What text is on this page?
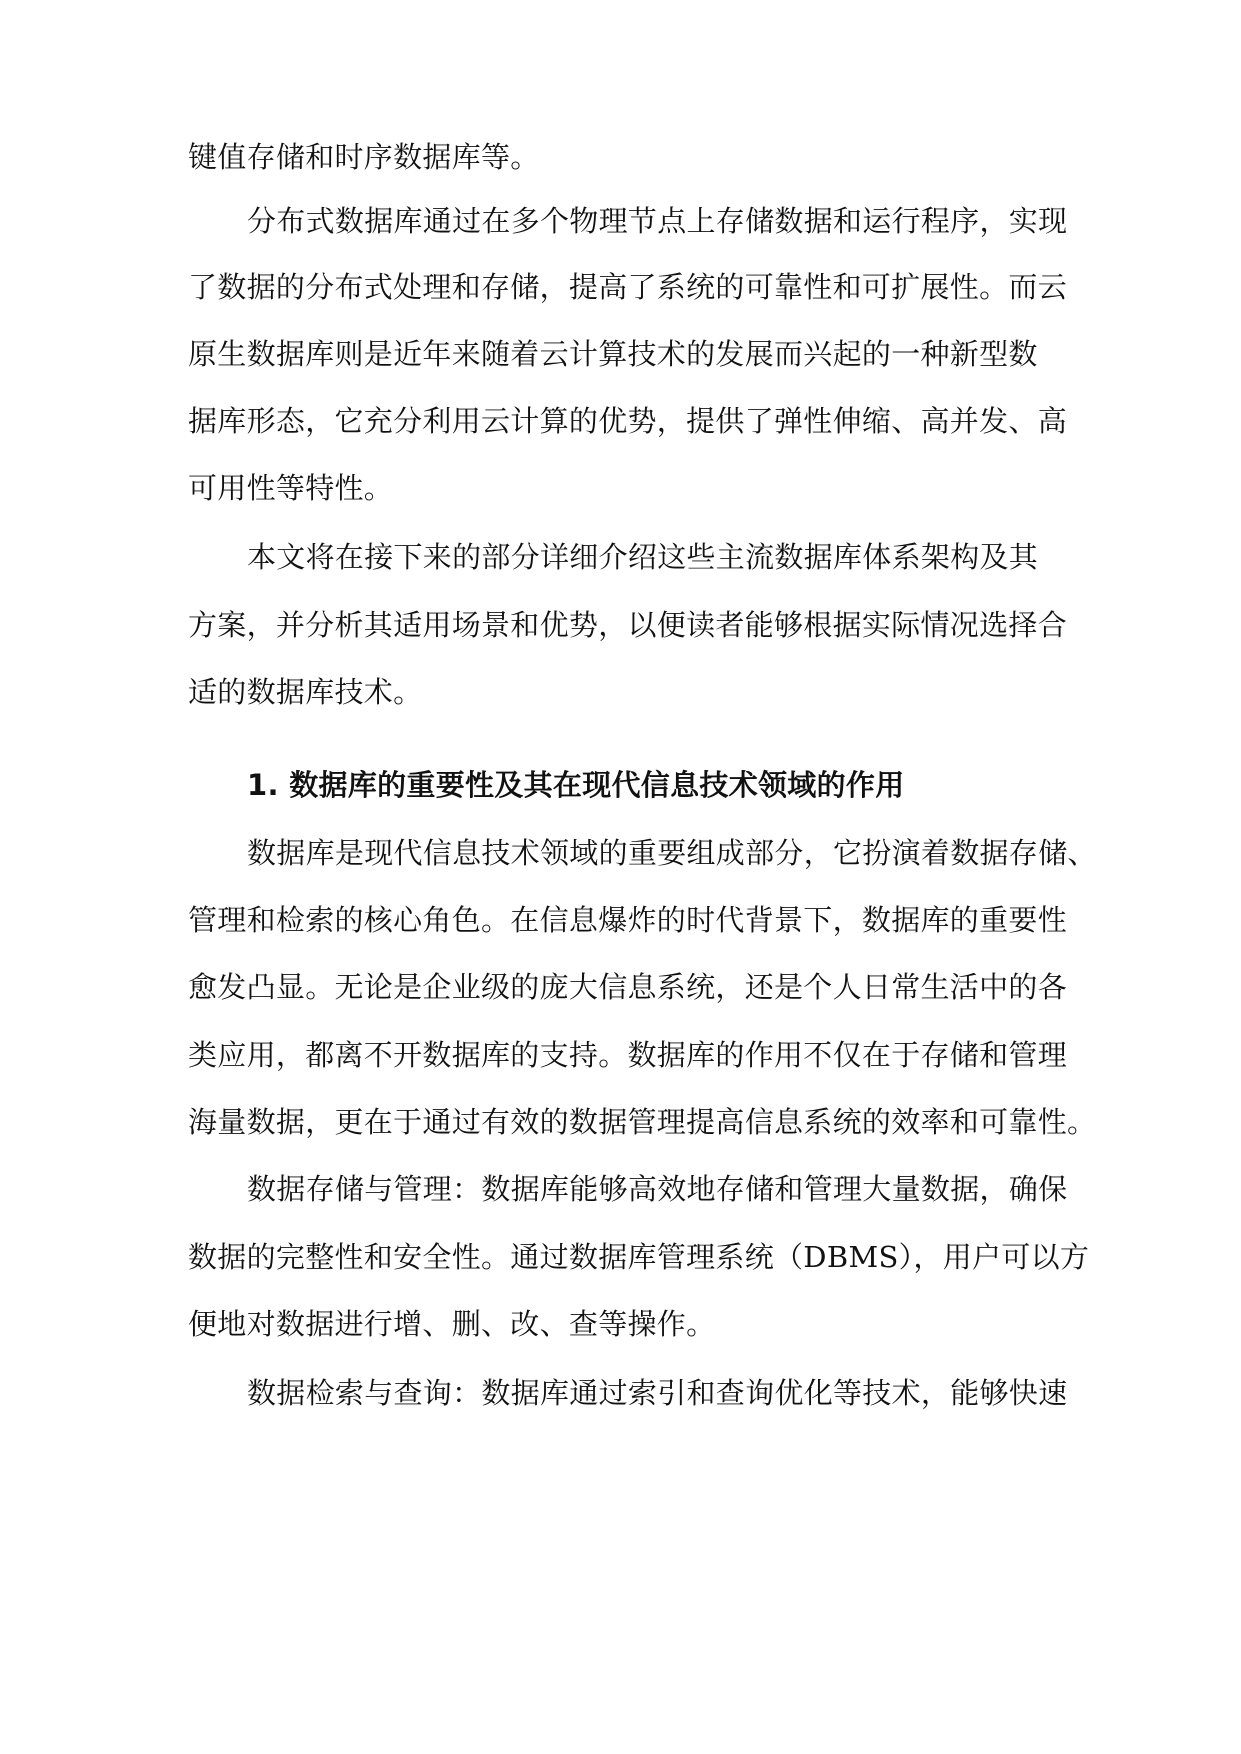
键值存储和时序数据库等。
分布式数据库通过在多个物理节点上存储数据和运行程序，实现
了数据的分布式处理和存储，提高了系统的可靠性和可扩展性。而云
原生数据库则是近年来随着云计算技术的发展而兴起的一种新型数
据库形态，它充分利用云计算的优势，提供了弹性伸缩、高并发、高
可用性等特性。
本文将在接下来的部分详细介绍这些主流数据库体系架构及其
方案，并分析其适用场景和优势，以便读者能够根据实际情况选择合
适的数据库技术。
1. 数据库的重要性及其在现代信息技术领域的作用
数据库是现代信息技术领域的重要组成部分，它扮演着数据存储、
管理和检索的核心角色。在信息爆炸的时代背景下，数据库的重要性
愈发凸显。无论是企业级的庞大信息系统，还是个人日常生活中的各
类应用，都离不开数据库的支持。数据库的作用不仅在于存储和管理
海量数据，更在于通过有效的数据管理提高信息系统的效率和可靠性。
数据存储与管理：数据库能够高效地存储和管理大量数据，确保
数据的完整性和安全性。通过数据库管理系统（DBMS），用户可以方
便地对数据进行增、删、改、查等操作。
数据检索与查询：数据库通过索引和查询优化等技术，能够快速
